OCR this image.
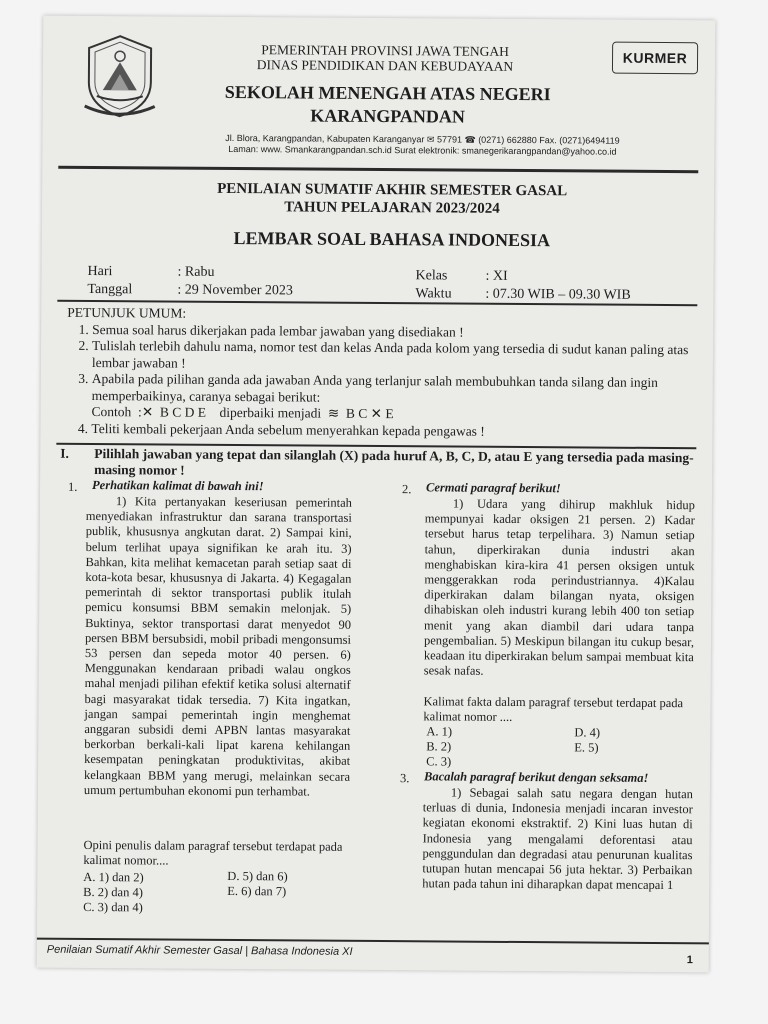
KURMER
PEMERINTAH PROVINSI JAWA TENGAH
DINAS PENDIDIKAN DAN KEBUDAYAAN
SEKOLAH MENENGAH ATAS NEGERI
KARANGPANDAN
Jl. Blora, Karangpandan, Kabupaten Karanganyar ✉ 57791 ☎ (0271) 662880 Fax. (0271)6494119
Laman: www. Smankarangpandan.sch.id Surat elektronik: smanegerikarangpandan@yahoo.co.id
PENILAIAN SUMATIF AKHIR SEMESTER GASAL
TAHUN PELAJARAN 2023/2024
LEMBAR SOAL BAHASA INDONESIA
Hari	: Rabu
Tanggal	: 29 November 2023
Kelas	: XI
Waktu : 07.30 WIB – 09.30 WIB
PETUNJUK UMUM:
1. Semua soal harus dikerjakan pada lembar jawaban yang disediakan !
2. Tulislah terlebih dahulu nama, nomor test dan kelas Anda pada kolom yang tersedia di sudut kanan paling atas lembar jawaban !
3. Apabila pada pilihan ganda ada jawaban Anda yang terlanjur salah membubuhkan tanda silang dan ingin memperbaikinya, caranya sebagai berikut:
Contoh  :✕ B C D E diperbaiki menjadi ≋ B C ✕ E
4. Teliti kembali pekerjaan Anda sebelum menyerahkan kepada pengawas !
I. Pilihlah jawaban yang tepat dan silanglah (X) pada huruf A, B, C, D, atau E yang tersedia pada masing-masing nomor !
1.	Perhatikan kalimat di bawah ini!
1) Kita pertanyakan keseriusan pemerintah menyediakan infrastruktur dan sarana transportasi publik, khususnya angkutan darat. 2) Sampai kini, belum terlihat upaya signifikan ke arah itu. 3) Bahkan, kita melihat kemacetan parah setiap saat di kota-kota besar, khususnya di Jakarta. 4) Kegagalan pemerintah di sektor transportasi publik itulah pemicu konsumsi BBM semakin melonjak. 5) Buktinya, sektor transportasi darat menyedot 90 persen BBM bersubsidi, mobil pribadi mengonsumsi 53 persen dan sepeda motor 40 persen. 6) Menggunakan kendaraan pribadi walau ongkos mahal menjadi pilihan efektif ketika solusi alternatif bagi masyarakat tidak tersedia. 7) Kita ingatkan, jangan sampai pemerintah ingin menghemat anggaran subsidi demi APBN lantas masyarakat berkorban berkali-kali lipat karena kehilangan kesempatan peningkatan produktivitas, akibat kelangkaan BBM yang merugi, melainkan secara umum pertumbuhan ekonomi pun terhambat.
Opini penulis dalam paragraf tersebut terdapat pada kalimat nomor....
A. 1) dan 2)
B. 2) dan 4)
C. 3) dan 4)
D. 5) dan 6)
E. 6) dan 7)
2.	Cermati paragraf berikut!
1) Udara yang dihirup makhluk hidup mempunyai kadar oksigen 21 persen. 2) Kadar tersebut harus tetap terpelihara. 3) Namun setiap tahun, diperkirakan dunia industri akan menghabiskan kira-kira 41 persen oksigen untuk menggerakkan roda perindustriannya. 4)Kalau diperkirakan dalam bilangan nyata, oksigen dihabiskan oleh industri kurang lebih 400 ton setiap menit yang akan diambil dari udara tanpa pengembalian. 5) Meskipun bilangan itu cukup besar, keadaan itu diperkirakan belum sampai membuat kita sesak nafas.
Kalimat fakta dalam paragraf tersebut terdapat pada kalimat nomor ....
A. 1)
B. 2)
C. 3)
D. 4)
E. 5)
3.	Bacalah paragraf berikut dengan seksama!
1) Sebagai salah satu negara dengan hutan terluas di dunia, Indonesia menjadi incaran investor kegiatan ekonomi ekstraktif. 2) Kini luas hutan di Indonesia yang mengalami deforentasi atau penggundulan dan degradasi atau penurunan kualitas tutupan hutan mencapai 56 juta hektar. 3) Perbaikan hutan pada tahun ini diharapkan dapat mencapai 1
Penilaian Sumatif Akhir Semester Gasal | Bahasa Indonesia XI
1
